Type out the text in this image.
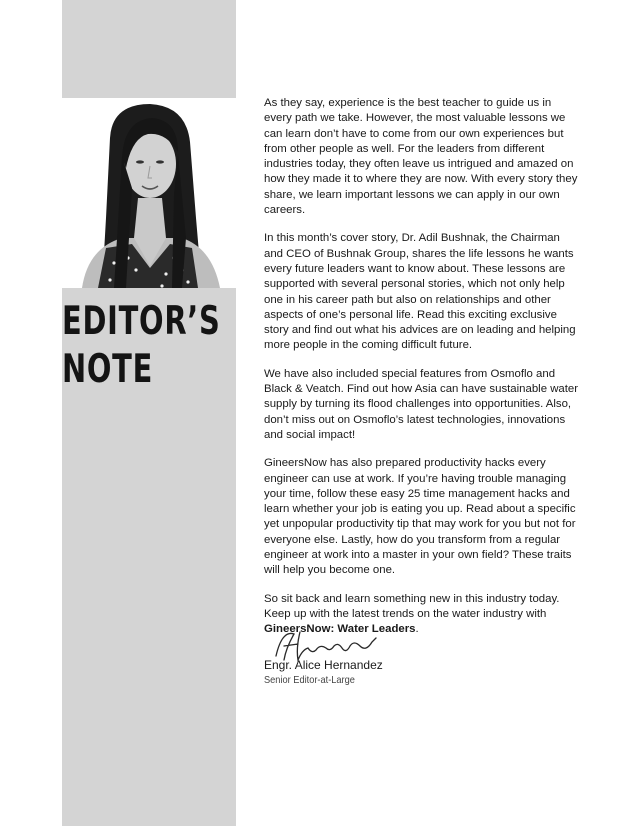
EDITOR’S
NOTE

As they say, experience is the best teacher to guide us in every path we take. However, the most valuable lessons we can learn don’t have to come from our own experiences but from other people as well. For the leaders from different industries today, they often leave us intrigued and amazed on how they made it to where they are now. With every story they share, we learn important lessons we can apply in our own careers.

In this month’s cover story, Dr. Adil Bushnak, the Chairman and CEO of Bushnak Group, shares the life lessons he wants every future leaders want to know about. These lessons are supported with several personal stories, which not only help one in his career path but also on relationships and other aspects of one’s personal life. Read this exciting exclusive story and find out what his advices are on leading and helping more people in the coming difficult future.

We have also included special features from Osmoflo and Black & Veatch. Find out how Asia can have sustainable water supply by turning its flood challenges into opportunities. Also, don’t miss out on Osmoflo’s latest technologies, innovations and social impact!

GineersNow has also prepared productivity hacks every engineer can use at work. If you’re having trouble managing your time, follow these easy 25 time management hacks and learn whether your job is eating you up. Read about a specific yet unpopular productivity tip that may work for you but not for everyone else. Lastly, how do you transform from a regular engineer at work into a master in your own field? These traits will help you become one.

So sit back and learn something new in this industry today. Keep up with the latest trends on the water industry with GineersNow: Water Leaders.

Engr. Alice Hernandez
Senior Editor-at-Large
